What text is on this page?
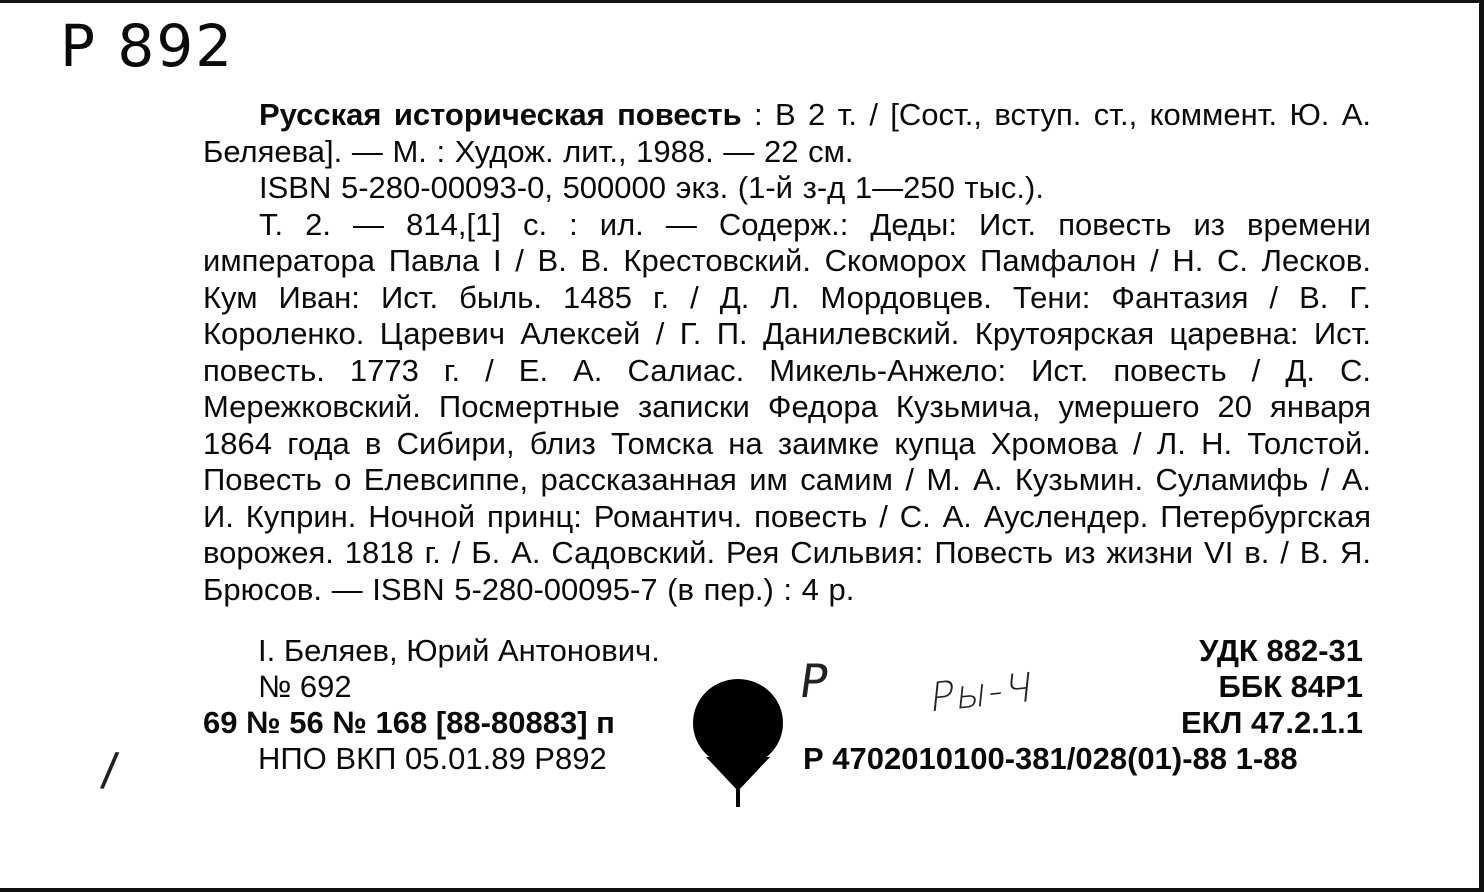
Р 892

Русская историческая повесть : В 2 т. / [Сост., вступ. ст., коммент. Ю. А. Беляева]. — М. : Худож. лит., 1988. — 22 см.

ISBN 5-280-00093-0, 500000 экз. (1-й з-д 1—250 тыс.).

Т. 2. — 814,[1] с. : ил. — Содерж.: Деды: Ист. повесть из времени императора Павла I / В. В. Крестовский. Скоморох Памфалон / Н. С. Лесков. Кум Иван: Ист. быль. 1485 г. / Д. Л. Мордовцев. Тени: Фантазия / В. Г. Короленко. Царевич Алексей / Г. П. Данилевский. Крутоярская царевна: Ист. повесть. 1773 г. / Е. А. Салиас. Микель-Анжело: Ист. повесть / Д. С. Мережковский. Посмертные записки Федора Кузьмича, умершего 20 января 1864 года в Сибири, близ Томска на заимке купца Хромова / Л. Н. Толстой. Повесть о Елевсиппе, рассказанная им самим / М. А. Кузьмин. Суламифь / А. И. Куприн. Ночной принц: Романтич. повесть / С. А. Ауслендер. Петербургская ворожея. 1818 г. / Б. А. Садовский. Рея Сильвия: Повесть из жизни VI в. / В. Я. Брюсов. — ISBN 5-280-00095-7 (в пер.) : 4 р.

I. Беляев, Юрий Антонович.
№ 692
69 № 56 № 168 [88-80883] п
НПО ВКП 05.01.89 Р892
УДК 882-31
ББК 84Р1
ЕКЛ 47.2.1.1
Р 4702010100-381/028(01)-88 1-88
Р Ры-Ч
/
